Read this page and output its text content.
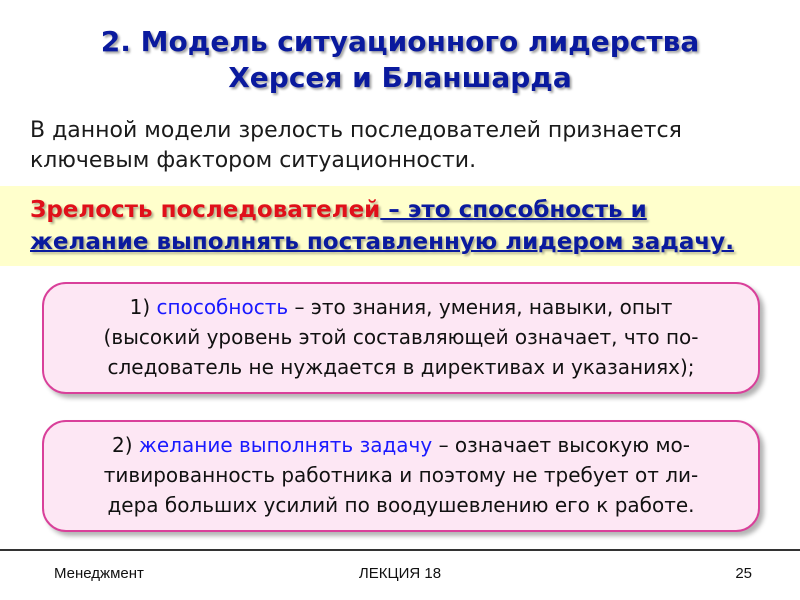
2. Модель ситуационного лидерства
Херсея и Бланшарда
В данной модели зрелость последователей признается
ключевым фактором ситуационности.
Зрелость последователей – это способность и
желание выполнять поставленную лидером задачу.
1) способность – это знания, умения, навыки, опыт
(высокий уровень этой составляющей означает, что по-
следователь не нуждается в директивах и указаниях);
2) желание выполнять задачу – означает высокую мо-
тивированность работника и поэтому не требует от ли-
дера больших усилий по воодушевлению его к работе.
Менеджмент	ЛЕКЦИЯ 18	25
